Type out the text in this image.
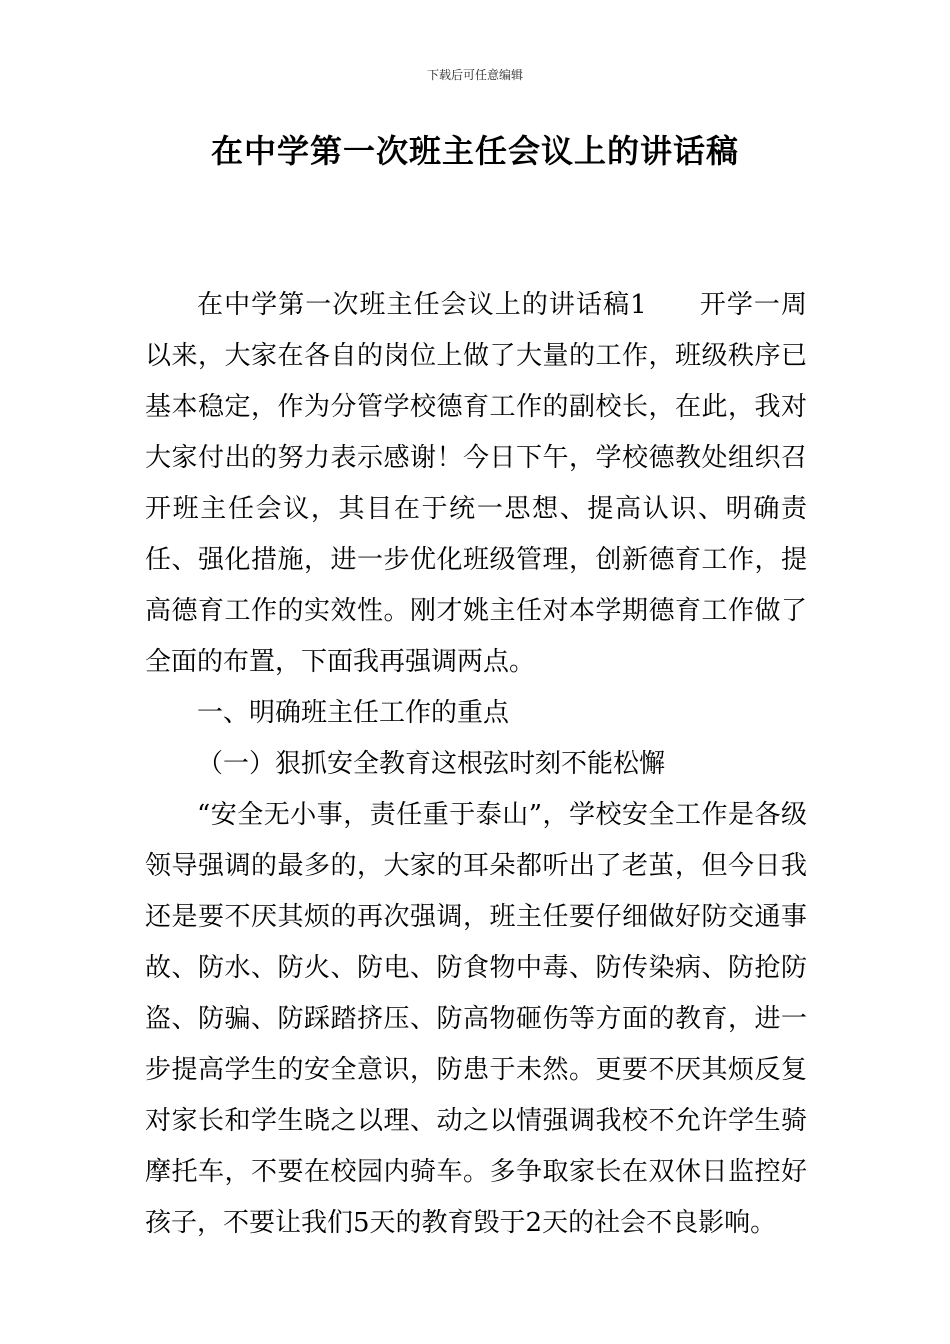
下载后可任意编辑
在中学第一次班主任会议上的讲话稿

在中学第一次班主任会议上的讲话稿1 开学一周以来，大家在各自的岗位上做了大量的工作，班级秩序已基本稳定，作为分管学校德育工作的副校长，在此，我对大家付出的努力表示感谢！今日下午，学校德教处组织召开班主任会议，其目在于统一思想、提高认识、明确责任、强化措施，进一步优化班级管理，创新德育工作，提高德育工作的实效性。刚才姚主任对本学期德育工作做了全面的布置，下面我再强调两点。

一、明确班主任工作的重点

（一）狠抓安全教育这根弦时刻不能松懈

“安全无小事，责任重于泰山”，学校安全工作是各级领导强调的最多的，大家的耳朵都听出了老茧，但今日我还是要不厌其烦的再次强调，班主任要仔细做好防交通事故、防水、防火、防电、防食物中毒、防传染病、防抢防盗、防骗、防踩踏挤压、防高物砸伤等方面的教育，进一步提高学生的安全意识，防患于未然。更要不厌其烦反复对家长和学生晓之以理、动之以情强调我校不允许学生骑摩托车，不要在校园内骑车。多争取家长在双休日监控好孩子，不要让我们5天的教育毁于2天的社会不良影响。
